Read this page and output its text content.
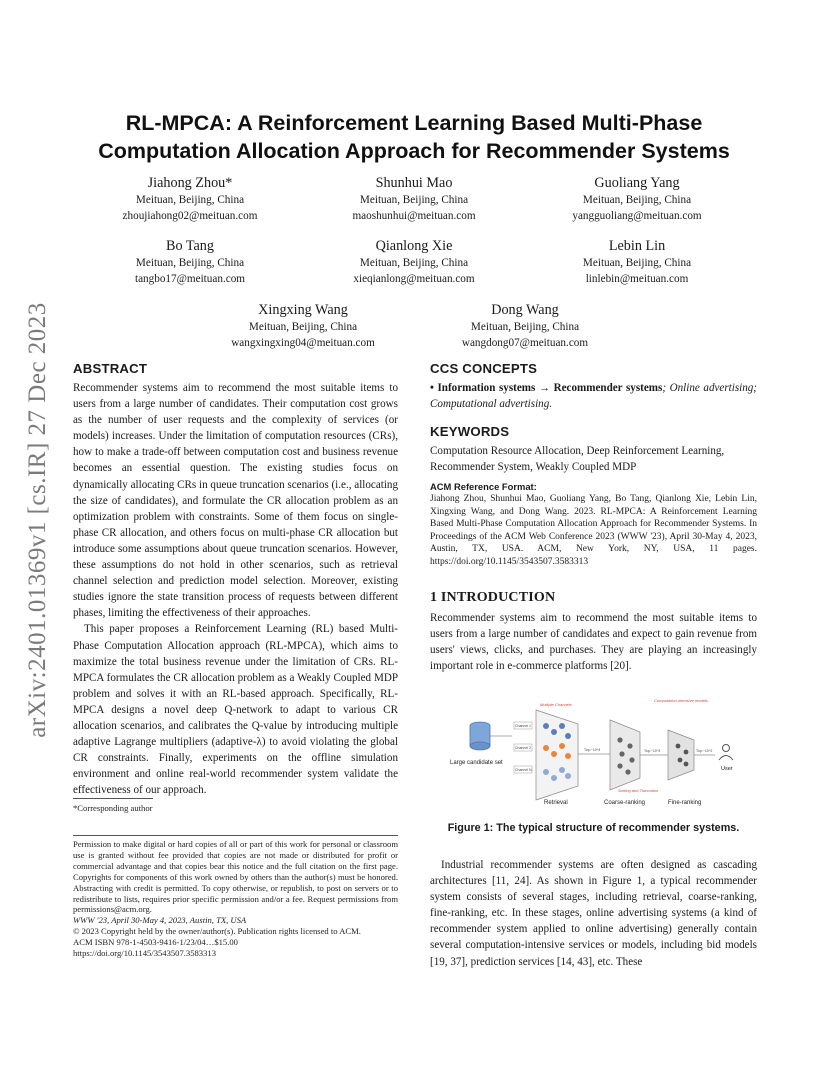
arXiv:2401.01369v1 [cs.IR] 27 Dec 2023
RL-MPCA: A Reinforcement Learning Based Multi-Phase
Computation Allocation Approach for Recommender Systems
Jiahong Zhou*
Meituan, Beijing, China
zhoujiahong02@meituan.com
Shunhui Mao
Meituan, Beijing, China
maoshunhui@meituan.com
Guoliang Yang
Meituan, Beijing, China
yangguoliang@meituan.com
Bo Tang
Meituan, Beijing, China
tangbo17@meituan.com
Qianlong Xie
Meituan, Beijing, China
xieqianlong@meituan.com
Lebin Lin
Meituan, Beijing, China
linlebin@meituan.com
Xingxing Wang
Meituan, Beijing, China
wangxingxing04@meituan.com
Dong Wang
Meituan, Beijing, China
wangdong07@meituan.com
ABSTRACT

Recommender systems aim to recommend the most suitable items to users from a large number of candidates. Their computation cost grows as the number of user requests and the complexity of services (or models) increases. Under the limitation of computation resources (CRs), how to make a trade-off between computation cost and business revenue becomes an essential question. The existing studies focus on dynamically allocating CRs in queue truncation scenarios (i.e., allocating the size of candidates), and formulate the CR allocation problem as an optimization problem with constraints. Some of them focus on single-phase CR allocation, and others focus on multi-phase CR allocation but introduce some assumptions about queue truncation scenarios. However, these assumptions do not hold in other scenarios, such as retrieval channel selection and prediction model selection. Moreover, existing studies ignore the state transition process of requests between different phases, limiting the effectiveness of their approaches.

This paper proposes a Reinforcement Learning (RL) based Multi-Phase Computation Allocation approach (RL-MPCA), which aims to maximize the total business revenue under the limitation of CRs. RL-MPCA formulates the CR allocation problem as a Weakly Coupled MDP problem and solves it with an RL-based approach. Specifically, RL-MPCA designs a novel deep Q-network to adapt to various CR allocation scenarios, and calibrates the Q-value by introducing multiple adaptive Lagrange multipliers (adaptive-λ) to avoid violating the global CR constraints. Finally, experiments on the offline simulation environment and online real-world recommender system validate the effectiveness of our approach.

*Corresponding author
Permission to make digital or hard copies of all or part of this work for personal or classroom use is granted without fee provided that copies are not made or distributed for profit or commercial advantage and that copies bear this notice and the full citation on the first page. Copyrights for components of this work owned by others than the author(s) must be honored. Abstracting with credit is permitted. To copy otherwise, or republish, to post on servers or to redistribute to lists, requires prior specific permission and/or a fee. Request permissions from permissions@acm.org.
WWW '23, April 30-May 4, 2023, Austin, TX, USA
© 2023 Copyright held by the owner/author(s). Publication rights licensed to ACM.
ACM ISBN 978-1-4503-9416-1/23/04…$15.00
https://doi.org/10.1145/3543507.3583313
CCS CONCEPTS
• Information systems → Recommender systems; Online advertising; Computational advertising.
KEYWORDS
Computation Resource Allocation, Deep Reinforcement Learning, Recommender System, Weakly Coupled MDP
ACM Reference Format:
Jiahong Zhou, Shunhui Mao, Guoliang Yang, Bo Tang, Qianlong Xie, Lebin Lin, Xingxing Wang, and Dong Wang. 2023. RL-MPCA: A Reinforcement Learning Based Multi-Phase Computation Allocation Approach for Recommender Systems. In Proceedings of the ACM Web Conference 2023 (WWW '23), April 30-May 4, 2023, Austin, TX, USA. ACM, New York, NY, USA, 11 pages. https://doi.org/10.1145/3543507.3583313
1 INTRODUCTION
Recommender systems aim to recommend the most suitable items to users from a large number of candidates and expect to gain revenue from users' views, clicks, and purchases. They are playing an increasingly important role in e-commerce platforms [20].
Large candidate set
Channel 1
Channel 2
Channel N
Multiple Channels
Top-~10^4	Top-~10^3
Computation-intensive models
Top-~10^2
User
Sorting and Truncation
Retrieval	Coarse-ranking	Fine-ranking
Figure 1: The typical structure of recommender systems.
Industrial recommender systems are often designed as cascading architectures [11, 24]. As shown in Figure 1, a typical recommender system consists of several stages, including retrieval, coarse-ranking, fine-ranking, etc. In these stages, online advertising systems (a kind of recommender system applied to online advertising) generally contain several computation-intensive services or models, including bid models [19, 37], prediction services [14, 43], etc. These
